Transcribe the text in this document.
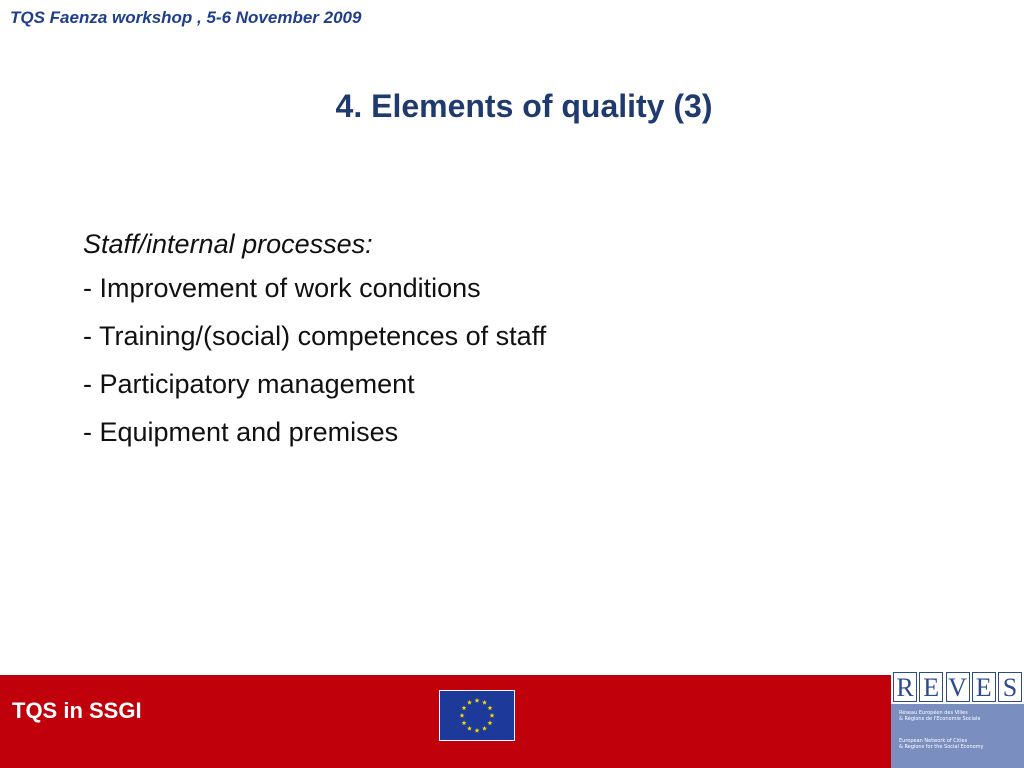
TQS Faenza workshop , 5-6 November 2009
4. Elements of quality (3)
Staff/internal processes:
- Improvement of work conditions
- Training/(social) competences of staff
- Participatory management
- Equipment and premises
TQS in SSGI
R E V E S
Réseau Européen des Villes
& Régions de l'Economie Sociale
European Network of Cities
& Regions for the Social Economy
